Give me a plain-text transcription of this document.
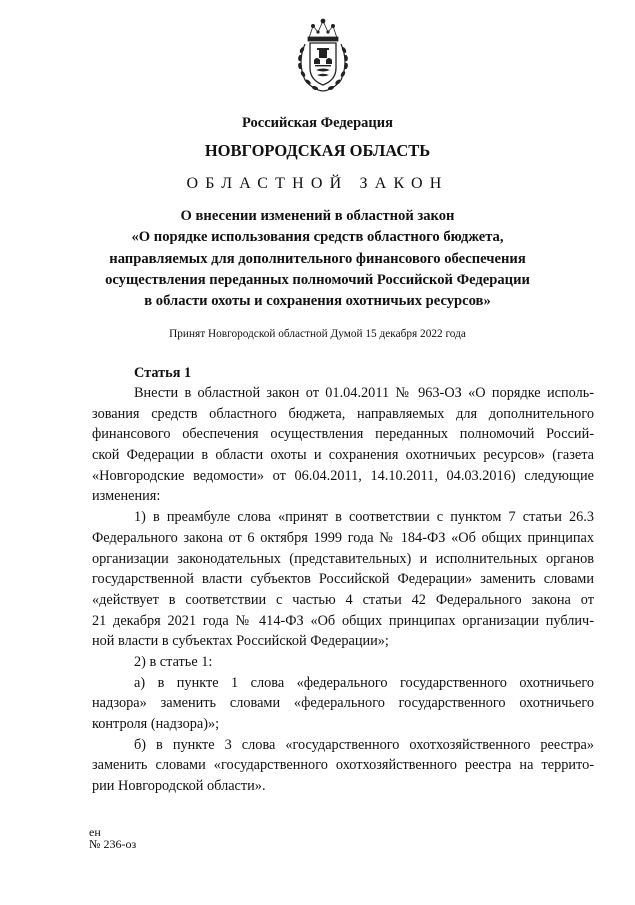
Российская Федерация
НОВГОРОДСКАЯ ОБЛАСТЬ
ОБЛАСТНОЙ ЗАКОН
О внесении изменений в областной закон
«О порядке использования средств областного бюджета,
направляемых для дополнительного финансового обеспечения
осуществления переданных полномочий Российской Федерации
в области охоты и сохранения охотничьих ресурсов»
Принят Новгородской областной Думой 15 декабря 2022 года
Статья 1
Внести в областной закон от 01.04.2011 № 963-ОЗ «О порядке исполь-
зования средств областного бюджета, направляемых для дополнительного
финансового обеспечения осуществления переданных полномочий Россий-
ской Федерации в области охоты и сохранения охотничьих ресурсов» (газета
«Новгородские ведомости» от 06.04.2011, 14.10.2011, 04.03.2016) следующие
изменения:
1) в преамбуле слова «принят в соответствии с пунктом 7 статьи 26.3
Федерального закона от 6 октября 1999 года № 184-ФЗ «Об общих принципах
организации законодательных (представительных) и исполнительных органов
государственной власти субъектов Российской Федерации» заменить словами
«действует в соответствии с частью 4 статьи 42 Федерального закона от
21 декабря 2021 года № 414-ФЗ «Об общих принципах организации публич-
ной власти в субъектах Российской Федерации»;
2) в статье 1:
а) в пункте 1 слова «федерального государственного охотничьего
надзора» заменить словами «федерального государственного охотничьего
контроля (надзора)»;
б) в пункте 3 слова «государственного охотхозяйственного реестра»
заменить словами «государственного охотхозяйственного реестра на террито-
рии Новгородской области».
ен
№ 236-оз
